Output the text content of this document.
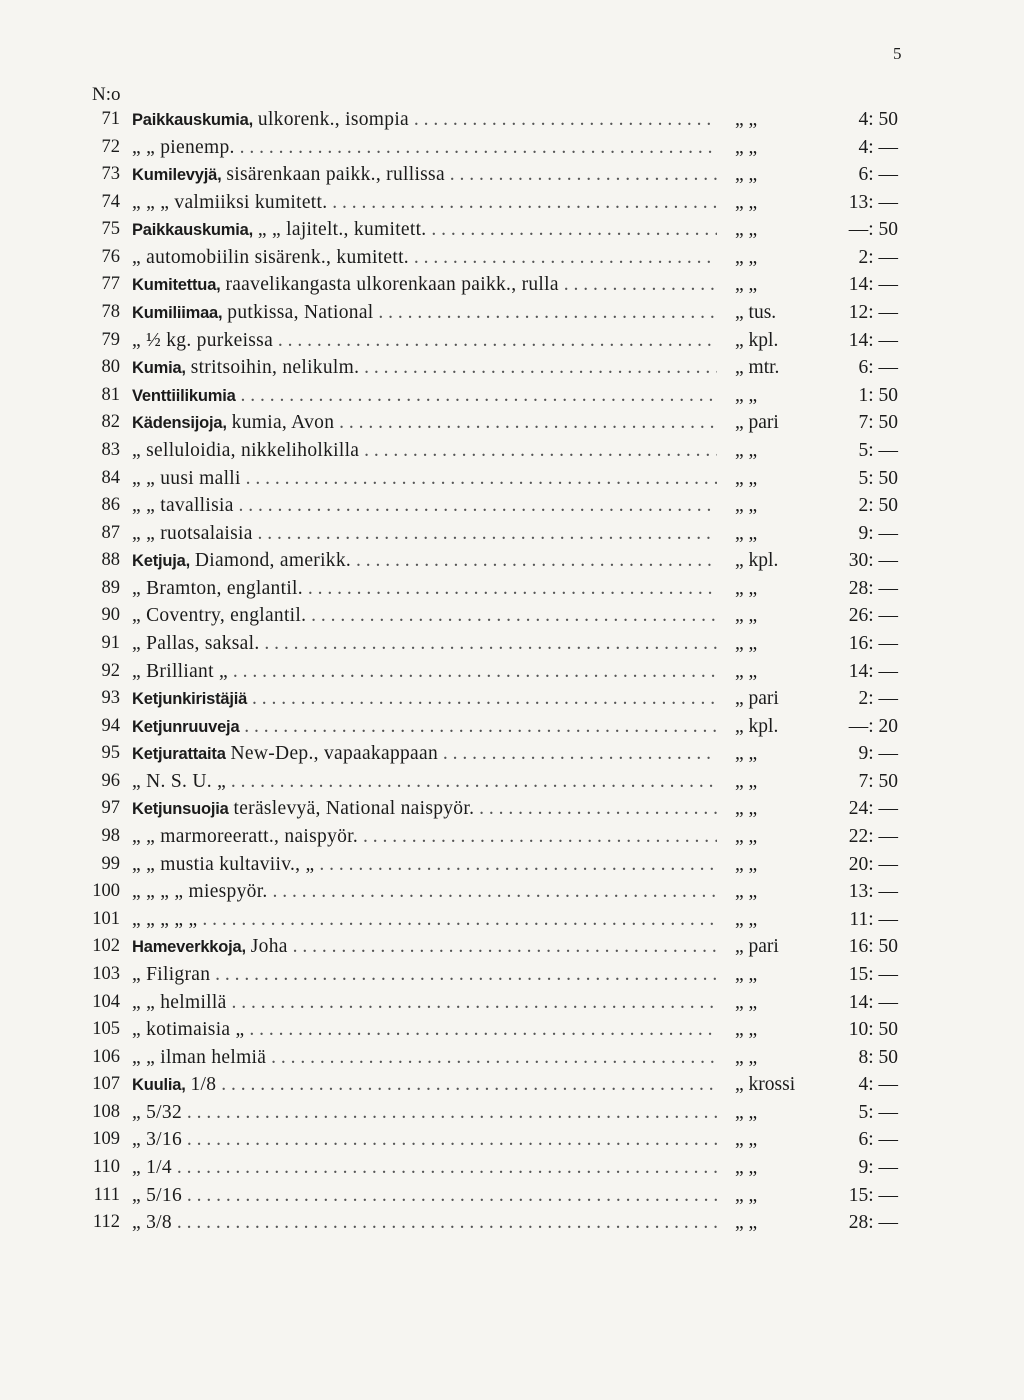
5
N:o
71 Paikkauskumia, ulkorenk., isompia . . .	„ „	4: 50
72 „ „ pienemp. . . .	„ „	4: —
73 Kumilevyjä, sisärenkaan paikk., rullissa . . .	„ „	6: —
74 „ „ „ valmiiksi kumitett. . . .	„ „	13: —
75 Paikkauskumia, „ „ lajitelt., kumitett. . . .	„ „	—: 50
76 „ automobiilin sisärenk., kumitett. . . .	„ „	2: —
77 Kumitettua, raavelikangasta ulkorenkaan paikk., rulla . . .	„ „	14: —
78 Kumiliimaa, putkissa, National . . .	„ tus.	12: —
79 „ ½ kg. purkeissa . . .	„ kpl.	14: —
80 Kumia, stritsoihin, nelikulm. . . .	„ mtr.	6: —
81 Venttiilikumia . . .	„ „	1: 50
82 Kädensijoja, kumia, Avon . . .	„ pari	7: 50
83 „ selluloidia, nikkeliholkilla . . .	„ „	5: —
84 „ „ uusi malli . . .	„ „	5: 50
86 „ „ tavallisia . . .	„ „	2: 50
87 „ „ ruotsalaisia . . .	„ „	9: —
88 Ketjuja, Diamond, amerikk. . . .	„ kpl.	30: —
89 „ Bramton, englantil. . . .	„ „	28: —
90 „ Coventry, englantil. . . .	„ „	26: —
91 „ Pallas, saksal. . . .	„ „	16: —
92 „ Brilliant „ . . .	„ „	14: —
93 Ketjunkiristäjiä . . .	„ pari	2: —
94 Ketjunruuveja . . .	„ kpl.	—: 20
95 Ketjurattaita New-Dep., vapaakappaan . . .	„ „	9: —
96 „ N. S. U. „ . . .	„ „	7: 50
97 Ketjunsuojia teräslevyä, National naispyör. . . .	„ „	24: —
98 „ „ marmoreeratt., naispyör. . . .	„ „	22: —
99 „ „ mustia kultaviiv., „ . . .	„ „	20: —
100 „ „ „ „ miespyör. . . .	„ „	13: —
101 „ „ „ „ „ . . .	„ „	11: —
102 Hameverkkoja, Joha . . .	„ pari	16: 50
103 „ Filigran . . .	„ „	15: —
104 „ „ helmillä . . .	„ „	14: —
105 „ kotimaisia „ . . .	„ „	10: 50
106 „ „ ilman helmiä . . .	„ „	8: 50
107 Kuulia, 1/8 . . .	„ krossi	4: —
108 „ 5/32 . . .	„ „	5: —
109 „ 3/16 . . .	„ „	6: —
110 „ 1/4 . . .	„ „	9: —
111 „ 5/16 . . .	„ „	15: —
112 „ 3/8 . . .	„ „	28: —
